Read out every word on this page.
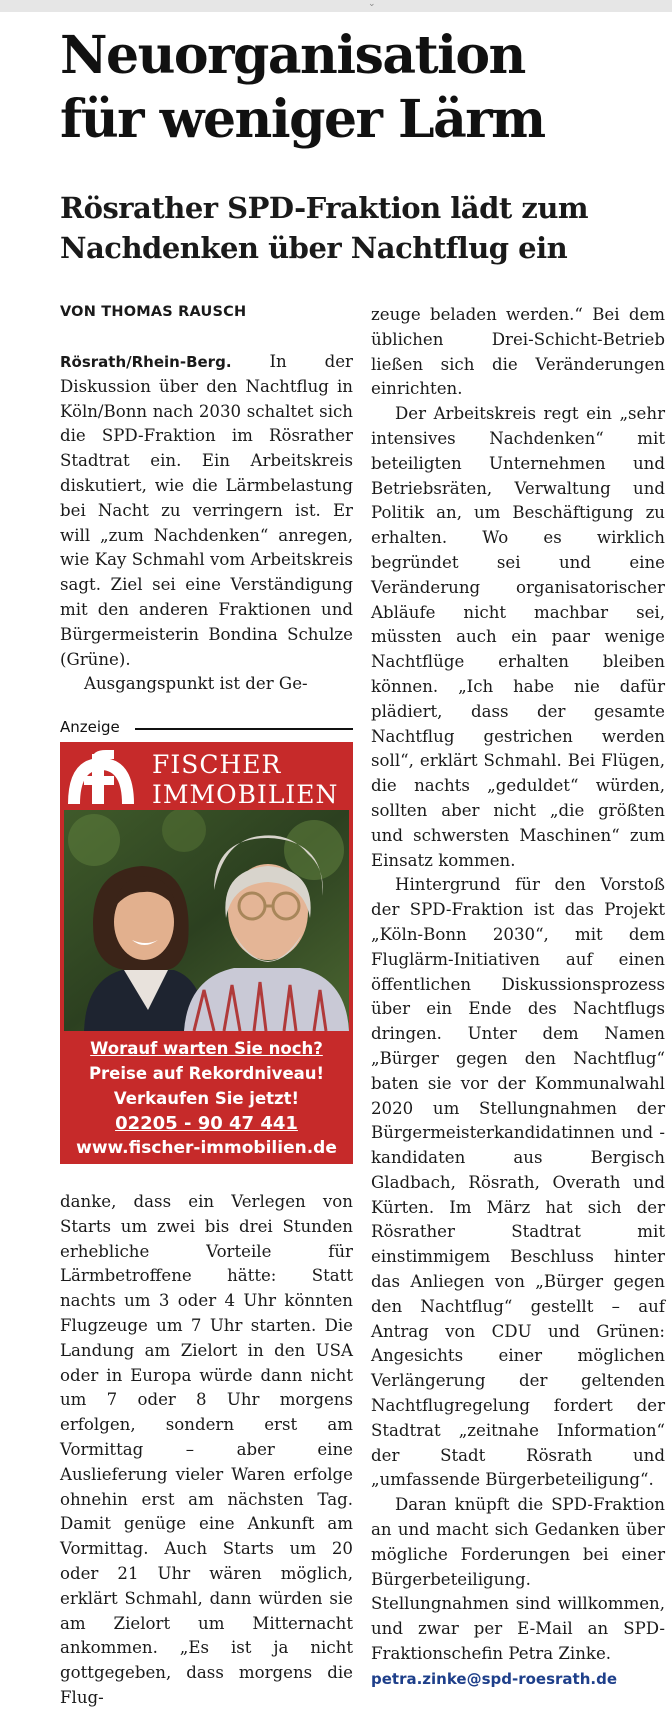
⌄
Neuorganisation
für weniger Lärm
Rösrather SPD-Fraktion lädt zum
Nachdenken über Nachtflug ein
VON THOMAS RAUSCH

Rösrath/Rhein-Berg. In der Diskussion über den Nachtflug in Köln/Bonn nach 2030 schaltet sich die SPD-Fraktion im Rösrather Stadtrat ein. Ein Arbeitskreis diskutiert, wie die Lärmbelastung bei Nacht zu verringern ist. Er will „zum Nachdenken“ anregen, wie Kay Schmahl vom Arbeitskreis sagt. Ziel sei eine Verständigung mit den anderen Fraktionen und Bürgermeisterin Bondina Schulze (Grüne).

Ausgangspunkt ist der Ge-

Anzeige
FISCHER
IMMOBILIEN
Worauf warten Sie noch?
Preise auf Rekordniveau!
Verkaufen Sie jetzt!
02205 - 90 47 441
www.fischer-immobilien.de

danke, dass ein Verlegen von Starts um zwei bis drei Stunden erhebliche Vorteile für Lärmbetroffene hätte: Statt nachts um 3 oder 4 Uhr könnten Flugzeuge um 7 Uhr starten. Die Landung am Zielort in den USA oder in Europa würde dann nicht um 7 oder 8 Uhr morgens erfolgen, sondern erst am Vormittag – aber eine Auslieferung vieler Waren erfolge ohnehin erst am nächsten Tag. Damit genüge eine Ankunft am Vormittag. Auch Starts um 20 oder 21 Uhr wären möglich, erklärt Schmahl, dann würden sie am Zielort um Mitternacht ankommen. „Es ist ja nicht gottgegeben, dass morgens die Flug-

zeuge beladen werden.“ Bei dem üblichen Drei-Schicht-Betrieb ließen sich die Veränderungen einrichten.

Der Arbeitskreis regt ein „sehr intensives Nachdenken“ mit beteiligten Unternehmen und Betriebsräten, Verwaltung und Politik an, um Beschäftigung zu erhalten. Wo es wirklich begründet sei und eine Veränderung organisatorischer Abläufe nicht machbar sei, müssten auch ein paar wenige Nachtflüge erhalten bleiben können. „Ich habe nie dafür plädiert, dass der gesamte Nachtflug gestrichen werden soll“, erklärt Schmahl. Bei Flügen, die nachts „geduldet“ würden, sollten aber nicht „die größten und schwersten Maschinen“ zum Einsatz kommen.

Hintergrund für den Vorstoß der SPD-Fraktion ist das Projekt „Köln-Bonn 2030“, mit dem Fluglärm-Initiativen auf einen öffentlichen Diskussionsprozess über ein Ende des Nachtflugs dringen. Unter dem Namen „Bürger gegen den Nachtflug“ baten sie vor der Kommunalwahl 2020 um Stellungnahmen der Bürgermeisterkandidatinnen und -kandidaten aus Bergisch Gladbach, Rösrath, Overath und Kürten. Im März hat sich der Rösrather Stadtrat mit einstimmigem Beschluss hinter das Anliegen von „Bürger gegen den Nachtflug“ gestellt – auf Antrag von CDU und Grünen: Angesichts einer möglichen Verlängerung der geltenden Nachtflugregelung fordert der Stadtrat „zeitnahe Information“ der Stadt Rösrath und „umfassende Bürgerbeteiligung“.

Daran knüpft die SPD-Fraktion an und macht sich Gedanken über mögliche Forderungen bei einer Bürgerbeteiligung. Stellungnahmen sind willkommen, und zwar per E-Mail an SPD-Fraktionschefin Petra Zinke.

petra.zinke@spd-roesrath.de
